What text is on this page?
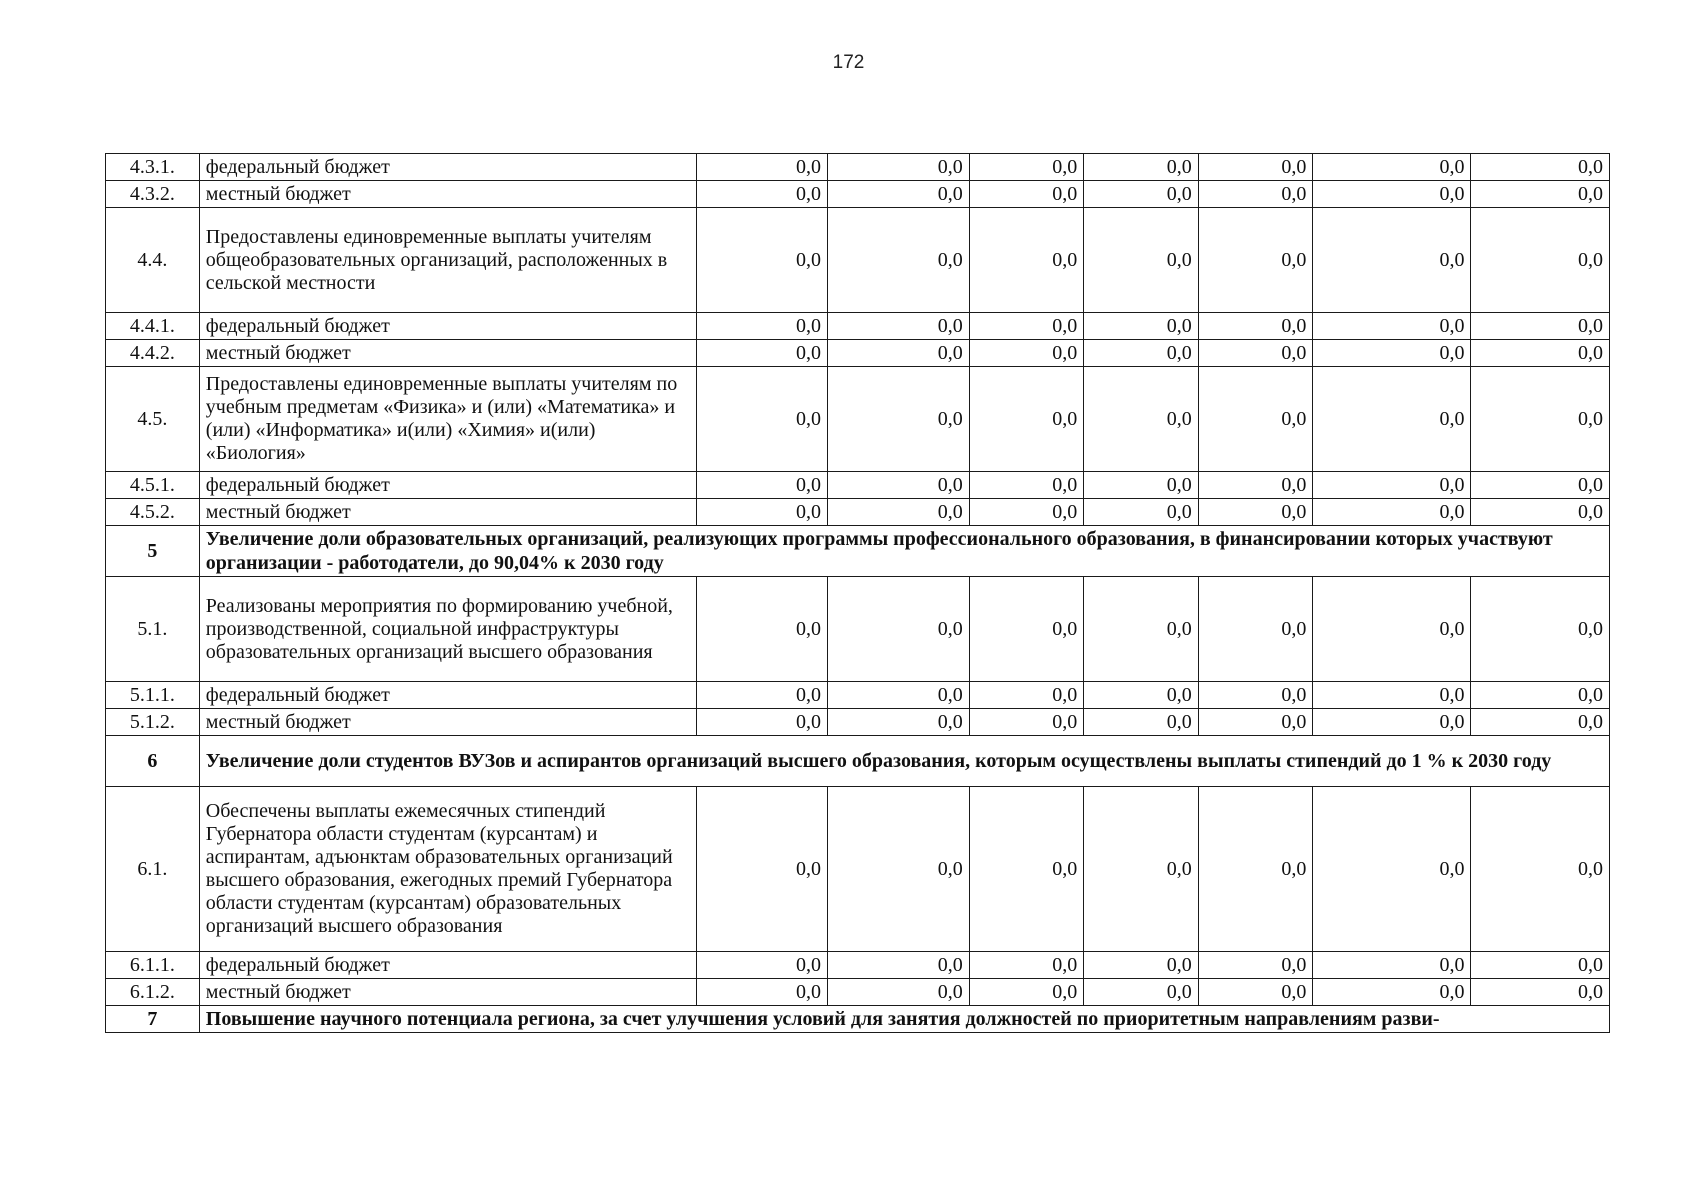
172
4.3.1.	федеральный бюджет	0,0	0,0	0,0	0,0	0,0	0,0	0,0
4.3.2.	местный бюджет	0,0	0,0	0,0	0,0	0,0	0,0	0,0
4.4.	Предоставлены единовременные выплаты учителям общеобразовательных организаций, расположенных в сельской местности	0,0	0,0	0,0	0,0	0,0	0,0	0,0
4.4.1.	федеральный бюджет	0,0	0,0	0,0	0,0	0,0	0,0	0,0
4.4.2.	местный бюджет	0,0	0,0	0,0	0,0	0,0	0,0	0,0
4.5.	Предоставлены единовременные выплаты учителям по учебным предметам «Физика» и (или) «Математика» и (или) «Информатика» и(или) «Химия» и(или) «Биология»	0,0	0,0	0,0	0,0	0,0	0,0	0,0
4.5.1.	федеральный бюджет	0,0	0,0	0,0	0,0	0,0	0,0	0,0
4.5.2.	местный бюджет	0,0	0,0	0,0	0,0	0,0	0,0	0,0
5	Увеличение доли образовательных организаций, реализующих программы профессионального образования, в финансировании которых участвуют организации - работодатели, до 90,04% к 2030 году							
5.1.	Реализованы мероприятия по формированию учебной, производственной, социальной инфраструктуры образовательных организаций высшего образования	0,0	0,0	0,0	0,0	0,0	0,0	0,0
5.1.1.	федеральный бюджет	0,0	0,0	0,0	0,0	0,0	0,0	0,0
5.1.2.	местный бюджет	0,0	0,0	0,0	0,0	0,0	0,0	0,0
6	Увеличение доли студентов ВУЗов и аспирантов организаций высшего образования, которым осуществлены выплаты стипендий до 1 % к 2030 году							
6.1.	Обеспечены выплаты ежемесячных стипендий Губернатора области студентам (курсантам) и аспирантам, адъюнктам образовательных организаций высшего образования, ежегодных премий Губернатора области студентам (курсантам) образовательных организаций высшего образования	0,0	0,0	0,0	0,0	0,0	0,0	0,0
6.1.1.	федеральный бюджет	0,0	0,0	0,0	0,0	0,0	0,0	0,0
6.1.2.	местный бюджет	0,0	0,0	0,0	0,0	0,0	0,0	0,0
7	Повышение научного потенциала региона, за счет улучшения условий для занятия должностей по приоритетным направлениям разви-							
